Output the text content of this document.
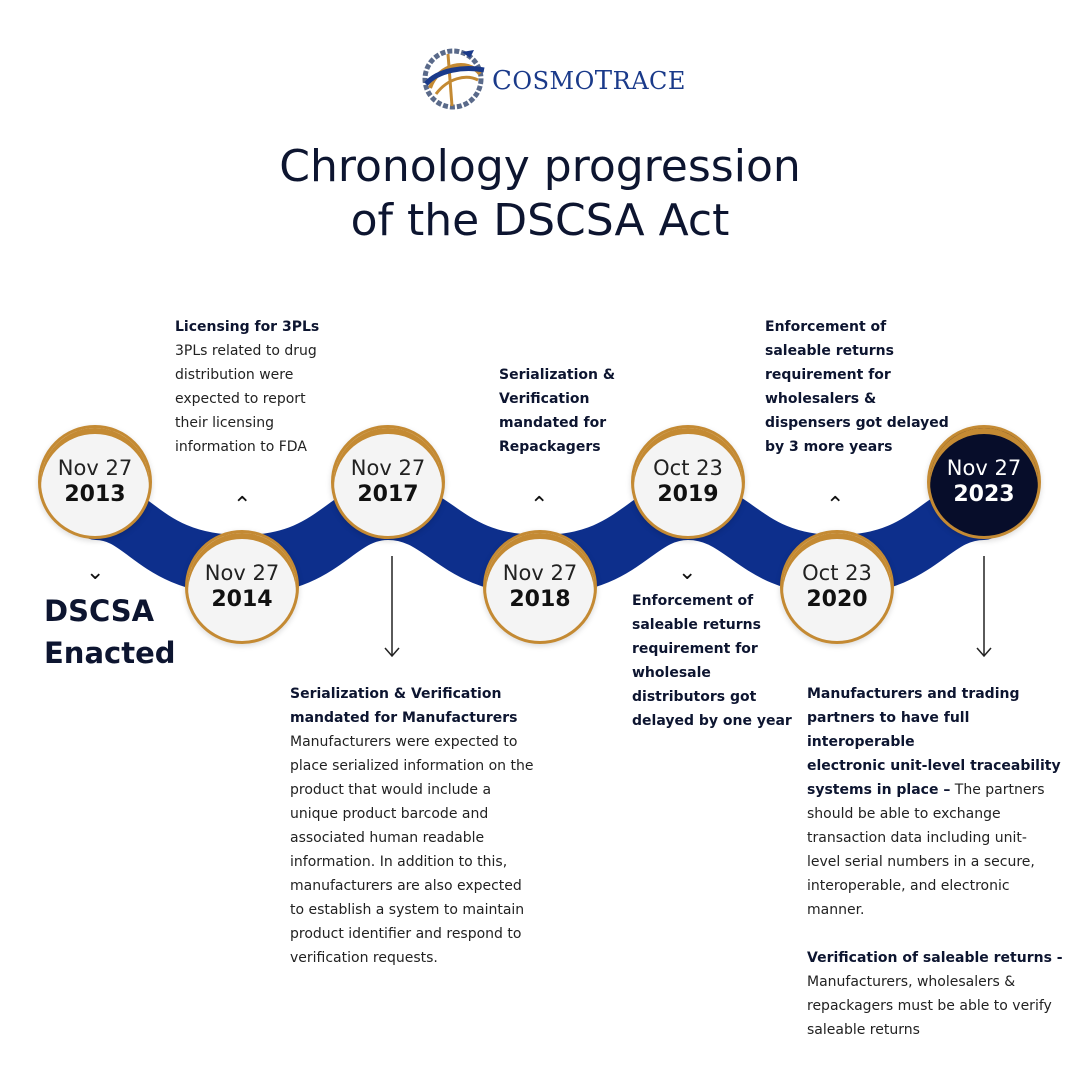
COSMOTRACE
Chronology progression
of the DSCSA Act
Nov 27
2013
Nov 27
2014
Nov 27
2017
Nov 27
2018
Oct 23
2019
Oct 23
2020
Nov 27
2023
⌄
⌃	⌃
⌄
⌃
DSCSA
Enacted
Licensing for 3PLs
3PLs related to drug
distribution were
expected to report
their licensing
information to FDA
Serialization &
Verification
mandated for
Repackagers
Enforcement of
saleable returns
requirement for
wholesalers &
dispensers got delayed
by 3 more years
Serialization & Verification
mandated for Manufacturers
Manufacturers were expected to
place serialized information on the
product that would include a
unique product barcode and
associated human readable
information. In addition to this,
manufacturers are also expected
to establish a system to maintain
product identifier and respond to
verification requests.
Enforcement of
saleable returns
requirement for
wholesale
distributors got
delayed by one year
Manufacturers and trading
partners to have full interoperable
electronic unit-level traceability
systems in place – The partners
should be able to exchange
transaction data including unit-
level serial numbers in a secure,
interoperable, and electronic
manner.
Verification of saleable returns -
Manufacturers, wholesalers &
repackagers must be able to verify
saleable returns
